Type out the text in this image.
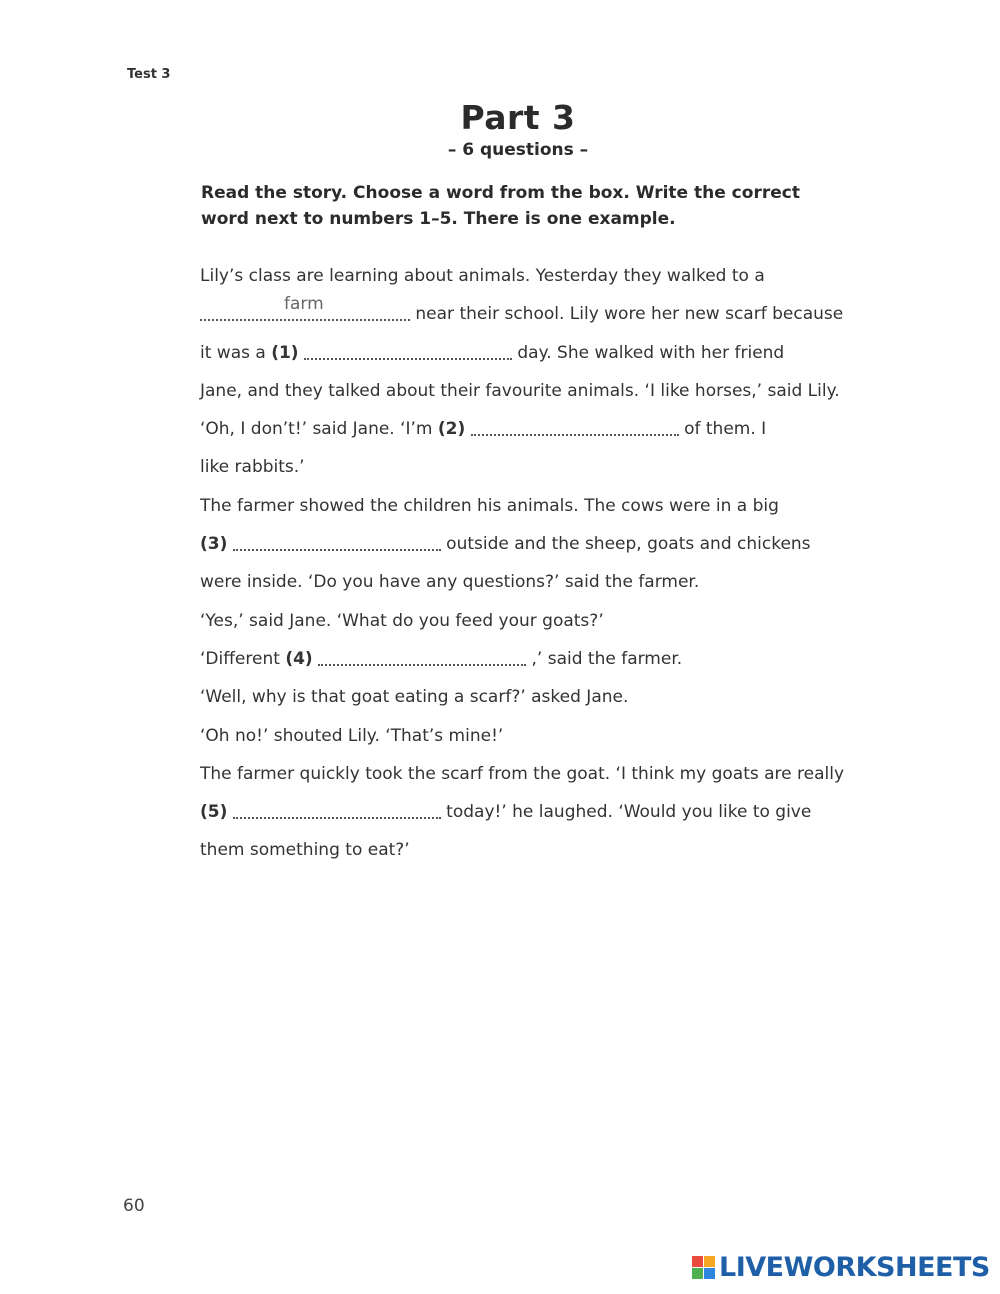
Test 3
Part 3
– 6 questions –
Read the story. Choose a word from the box. Write the correct word next to numbers 1–5. There is one example.
Lily’s class are learning about animals. Yesterday they walked to a
farm	near their school. Lily wore her new scarf because
it was a (1)	day. She walked with her friend
Jane, and they talked about their favourite animals. ‘I like horses,’ said Lily.
‘Oh, I don’t!’ said Jane. ‘I’m (2)	of them. I
like rabbits.’
The farmer showed the children his animals. The cows were in a big
(3)	outside and the sheep, goats and chickens
were inside. ‘Do you have any questions?’ said the farmer.
‘Yes,’ said Jane. ‘What do you feed your goats?’
‘Different (4)	,’ said the farmer.
‘Well, why is that goat eating a scarf?’ asked Jane.
‘Oh no!’ shouted Lily. ‘That’s mine!’
The farmer quickly took the scarf from the goat. ‘I think my goats are really
(5)	today!’ he laughed. ‘Would you like to give
them something to eat?’
60
LIVEWORKSHEETS
